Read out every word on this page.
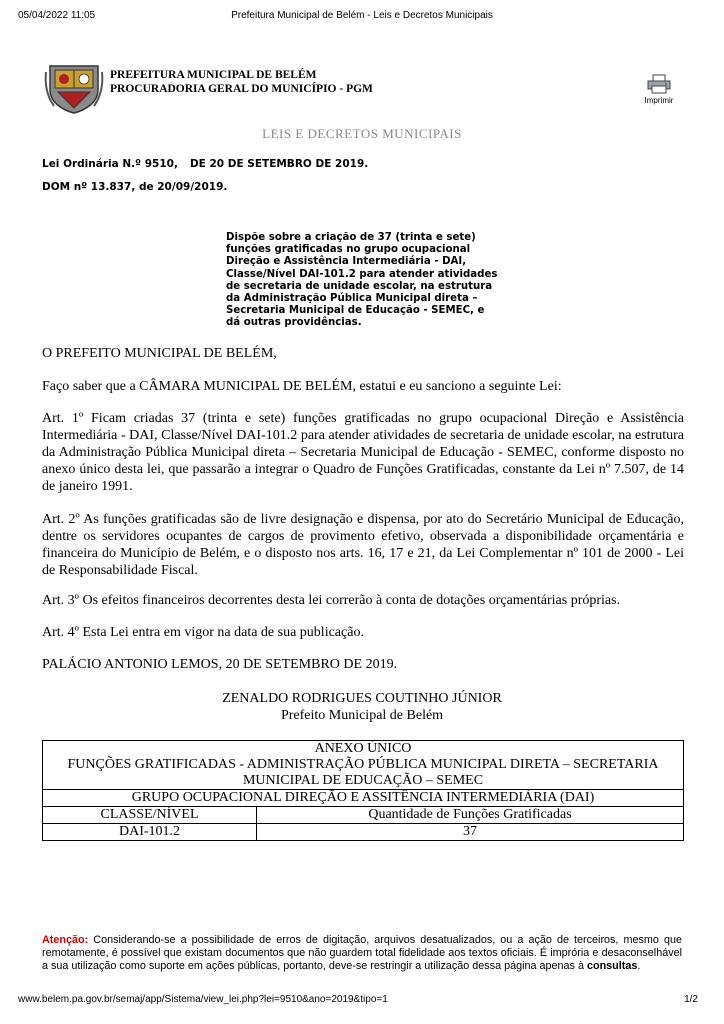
05/04/2022 11:05	Prefeitura Municipal de Belém - Leis e Decretos Municipais
PREFEITURA MUNICIPAL DE BELÉM
PROCURADORIA GERAL DO MUNICÍPIO - PGM
Imprimir
LEIS E DECRETOS MUNICIPAIS
Lei Ordinária N.º 9510, DE 20 DE SETEMBRO DE 2019.
DOM nº 13.837, de 20/09/2019.
Dispõe sobre a criação de 37 (trinta e sete) funções gratificadas no grupo ocupacional Direção e Assistência Intermediária - DAI, Classe/Nível DAI-101.2 para atender atividades de secretaria de unidade escolar, na estrutura da Administração Pública Municipal direta – Secretaria Municipal de Educação - SEMEC, e dá outras providências.
O PREFEITO MUNICIPAL DE BELÉM,
Faço saber que a CÂMARA MUNICIPAL DE BELÉM, estatui e eu sanciono a seguinte Lei:
Art. 1º Ficam criadas 37 (trinta e sete) funções gratificadas no grupo ocupacional Direção e Assistência Intermediária - DAI, Classe/Nível DAI-101.2 para atender atividades de secretaria de unidade escolar, na estrutura da Administração Pública Municipal direta – Secretaria Municipal de Educação - SEMEC, conforme disposto no anexo único desta lei, que passarão a integrar o Quadro de Funções Gratificadas, constante da Lei nº 7.507, de 14 de janeiro 1991.
Art. 2º As funções gratificadas são de livre designação e dispensa, por ato do Secretário Municipal de Educação, dentre os servidores ocupantes de cargos de provimento efetivo, observada a disponibilidade orçamentária e financeira do Município de Belém, e o disposto nos arts. 16, 17 e 21, da Lei Complementar nº 101 de 2000 - Lei de Responsabilidade Fiscal.
Art. 3º Os efeitos financeiros decorrentes desta lei correrão à conta de dotações orçamentárias próprias.
Art. 4º Esta Lei entra em vigor na data de sua publicação.
PALÁCIO ANTONIO LEMOS, 20 DE SETEMBRO DE 2019.
ZENALDO RODRIGUES COUTINHO JÚNIOR
Prefeito Municipal de Belém
ANEXO ÚNICO
FUNÇÕES GRATIFICADAS - ADMINISTRAÇÃO PÚBLICA MUNICIPAL DIRETA – SECRETARIA MUNICIPAL DE EDUCAÇÃO – SEMEC	

GRUPO OCUPACIONAL DIREÇÃO E ASSITÊNCIA INTERMEDIÁRIA (DAI)	
CLASSE/NÍVEL	Quantidade de Funções Gratificadas
DAI-101.2	37
Atenção: Considerando-se a possibilidade de erros de digitação, arquivos desatualizados, ou a ação de terceiros, mesmo que remotamente, é possível que existam documentos que não guardem total fidelidade aos textos oficiais. É imprória e desaconselhável a sua utilização como suporte em ações públicas, portanto, deve-se restringir a utilização dessa página apenas à consultas.
www.belem.pa.gov.br/semaj/app/Sistema/view_lei.php?lei=9510&ano=2019&tipo=1	1/2
